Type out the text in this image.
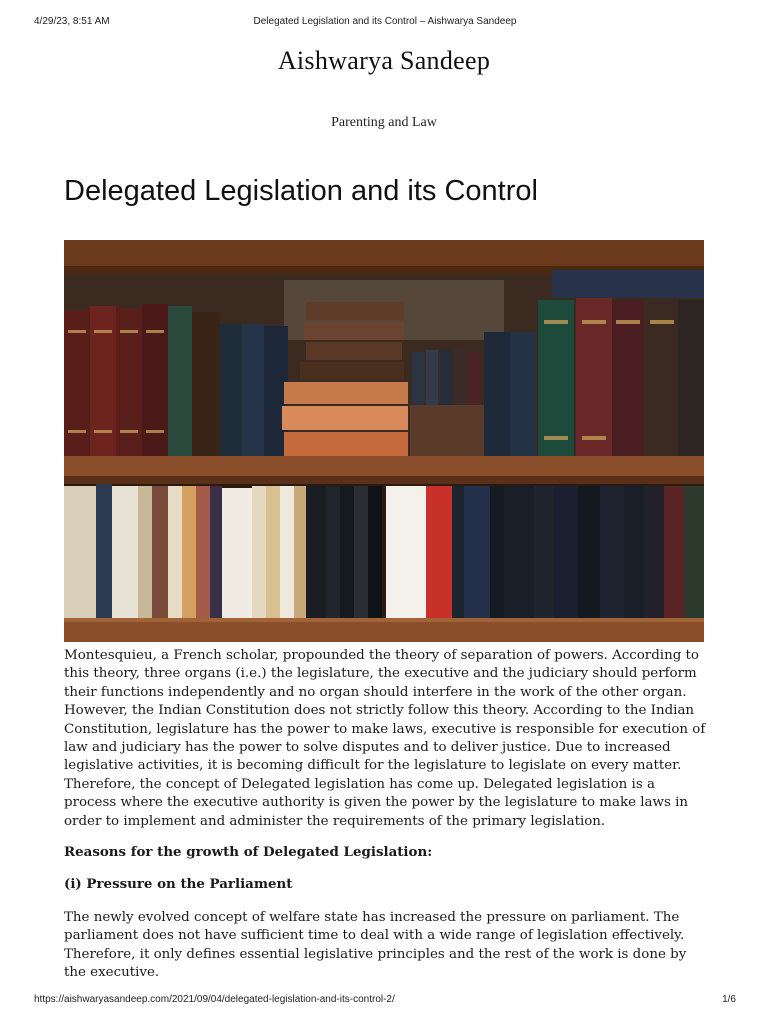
4/29/23, 8:51 AM	Delegated Legislation and its Control – Aishwarya Sandeep
Aishwarya Sandeep
Parenting and Law
Delegated Legislation and its Control

Montesquieu, a French scholar, propounded the theory of separation of powers. According to this theory, three organs (i.e.) the legislature, the executive and the judiciary should perform their functions independently and no organ should interfere in the work of the other organ. However, the Indian Constitution does not strictly follow this theory. According to the Indian Constitution, legislature has the power to make laws, executive is responsible for execution of law and judiciary has the power to solve disputes and to deliver justice. Due to increased legislative activities, it is becoming difficult for the legislature to legislate on every matter. Therefore, the concept of Delegated legislation has come up. Delegated legislation is a process where the executive authority is given the power by the legislature to make laws in order to implement and administer the requirements of the primary legislation.

Reasons for the growth of Delegated Legislation:

(i) Pressure on the Parliament

The newly evolved concept of welfare state has increased the pressure on parliament. The parliament does not have sufficient time to deal with a wide range of legislation effectively. Therefore, it only defines essential legislative principles and the rest of the work is done by the executive.

https://aishwaryasandeep.com/2021/09/04/delegated-legislation-and-its-control-2/	1/6
